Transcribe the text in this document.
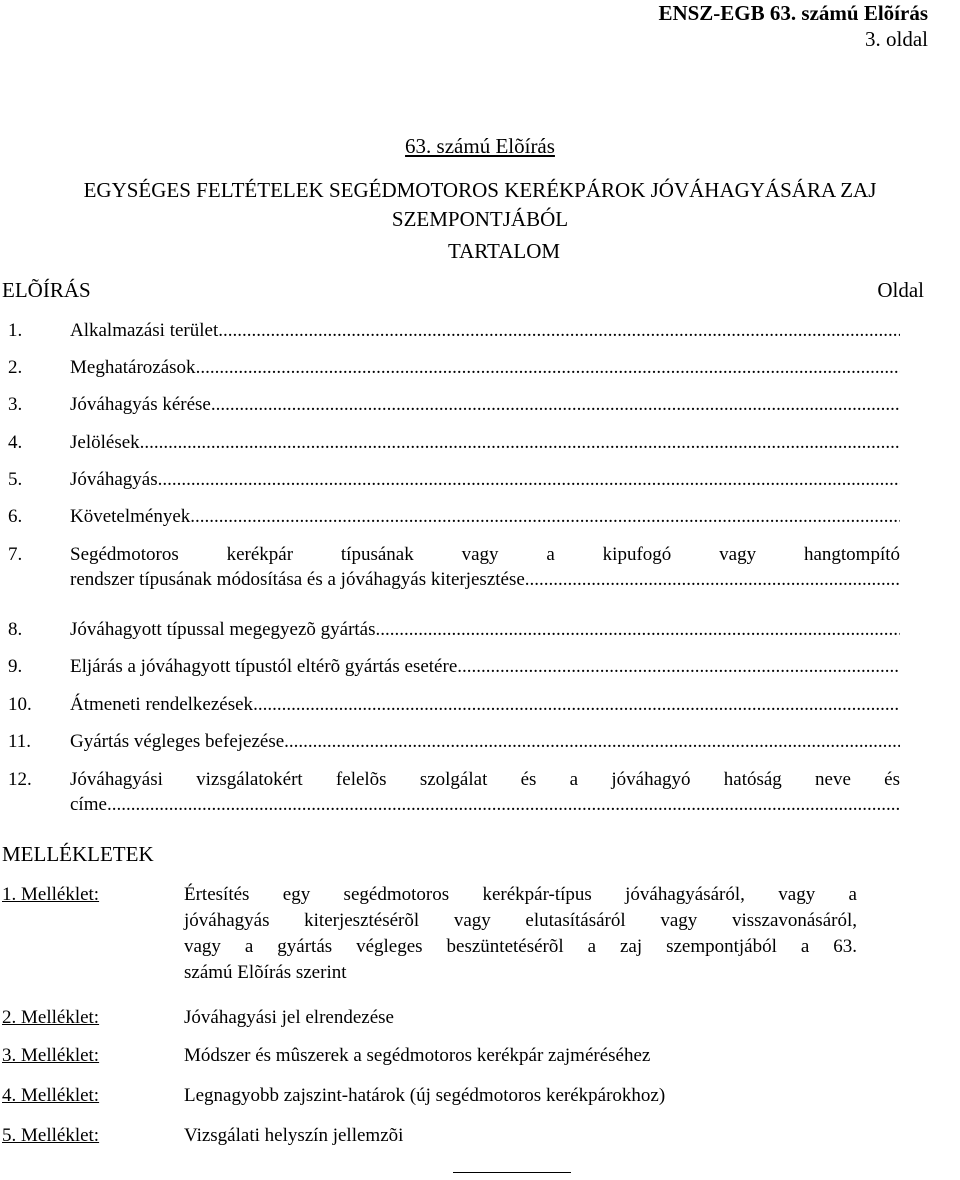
ENSZ-EGB 63. számú Elõírás
3. oldal
63. számú Elõírás
EGYSÉGES FELTÉTELEK SEGÉDMOTOROS KERÉKPÁROK JÓVÁHAGYÁSÁRA ZAJ
SZEMPONTJÁBÓL
TARTALOM
ELÕÍRÁS	Oldal
1.	Alkalmazási terület
.....
2.	Meghatározások
.....
3.	Jóváhagyás kérése
.....
4.	Jelölések
.....
5.	Jóváhagyás
.....
6.	Követelmények
.....
7.	Segédmotoros kerékpár típusának vagy a kipufogó vagy hangtompító
rendszer típusának módosítása és a jóváhagyás kiterjesztése
.....
8.	Jóváhagyott típussal megegyezõ gyártás
.....
9.	Eljárás a jóváhagyott típustól eltérõ gyártás esetére
.....
10.	Átmeneti rendelkezések
.....
11.	Gyártás végleges befejezése
.....
12.	Jóváhagyási vizsgálatokért felelõs szolgálat és a jóváhagyó hatóság neve és
címe
.....
MELLÉKLETEK
1. Melléklet:	Értesítés egy segédmotoros kerékpár-típus jóváhagyásáról, vagy a
jóváhagyás kiterjesztésérõl vagy elutasításáról vagy visszavonásáról,
vagy a gyártás végleges beszüntetésérõl a zaj szempontjából a 63.
számú Elõírás szerint
2. Melléklet:	Jóváhagyási jel elrendezése
3. Melléklet:	Módszer és mûszerek a segédmotoros kerékpár zajméréséhez
4. Melléklet:	Legnagyobb zajszint-határok (új segédmotoros kerékpárokhoz)
5. Melléklet:	Vizsgálati helyszín jellemzõi
